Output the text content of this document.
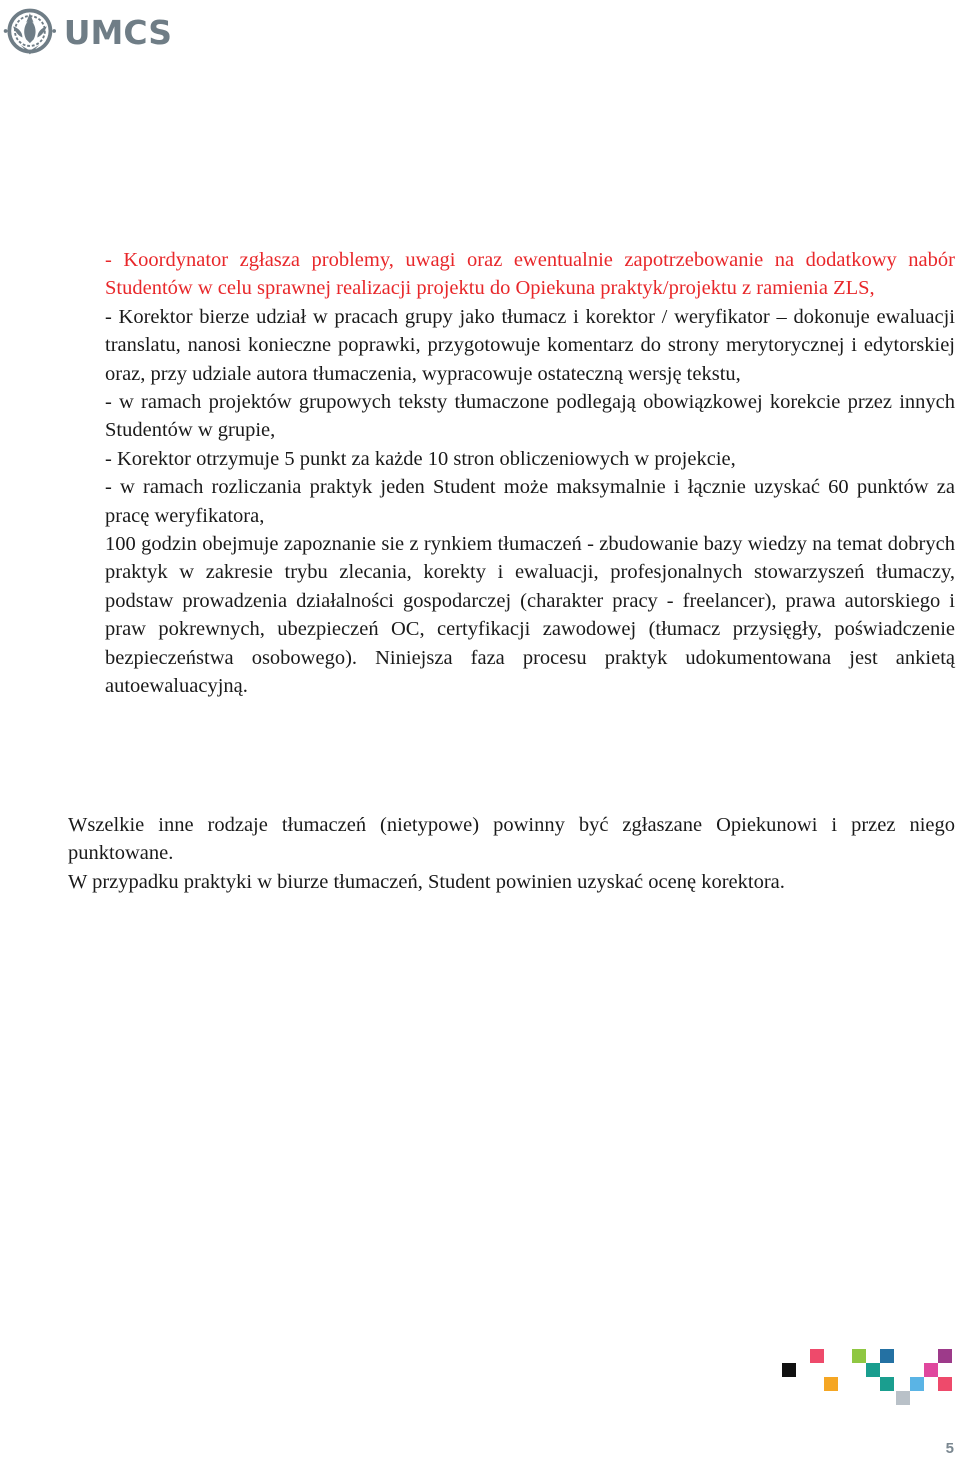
UMCS

- Koordynator zgłasza problemy, uwagi oraz ewentualnie zapotrzebowanie na dodatkowy nabór Studentów w celu sprawnej realizacji projektu do Opiekuna praktyk/projektu z ramienia ZLS,

- Korektor bierze udział w pracach grupy jako tłumacz i korektor / weryfikator – dokonuje ewaluacji translatu, nanosi konieczne poprawki, przygotowuje komentarz do strony merytorycznej i edytorskiej oraz, przy udziale autora tłumaczenia, wypracowuje ostateczną wersję tekstu,

- w ramach projektów grupowych teksty tłumaczone podlegają obowiązkowej korekcie przez innych Studentów w grupie,

- Korektor otrzymuje 5 punkt za każde 10 stron obliczeniowych w projekcie,

- w ramach rozliczania praktyk jeden Student może maksymalnie i łącznie uzyskać 60 punktów za pracę weryfikatora,

100 godzin obejmuje zapoznanie sie z rynkiem tłumaczeń - zbudowanie bazy wiedzy na temat dobrych praktyk w zakresie trybu zlecania, korekty i ewaluacji, profesjonalnych stowarzyszeń tłumaczy, podstaw prowadzenia działalności gospodarczej (charakter pracy - freelancer), prawa autorskiego i praw pokrewnych, ubezpieczeń OC, certyfikacji zawodowej (tłumacz przysięgły, poświadczenie bezpieczeństwa osobowego). Niniejsza faza procesu praktyk udokumentowana jest ankietą autoewaluacyjną.

Wszelkie inne rodzaje tłumaczeń (nietypowe) powinny być zgłaszane Opiekunowi i przez niego punktowane.

W przypadku praktyki w biurze tłumaczeń, Student powinien uzyskać ocenę korektora.

5
